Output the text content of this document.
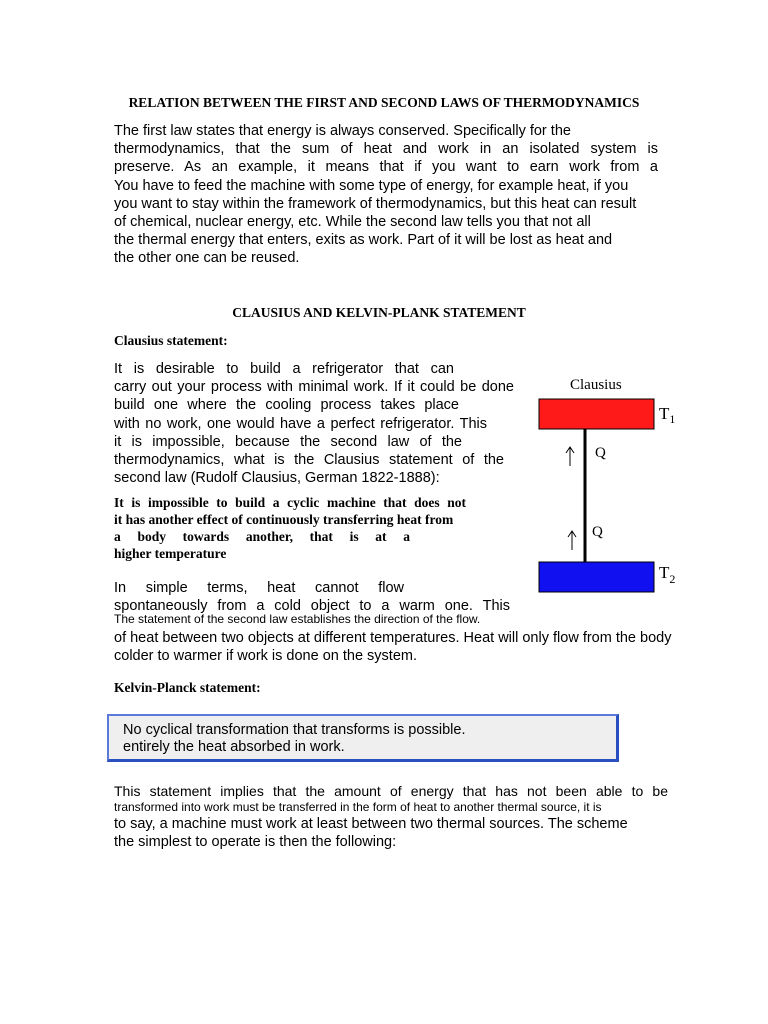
RELATION BETWEEN THE FIRST AND SECOND LAWS OF THERMODYNAMICS
The first law states that energy is always conserved. Specifically for the
thermodynamics, that the sum of heat and work in an isolated system is
preserve. As an example, it means that if you want to earn work from a
You have to feed the machine with some type of energy, for example heat, if you
you want to stay within the framework of thermodynamics, but this heat can result
of chemical, nuclear energy, etc. While the second law tells you that not all
the thermal energy that enters, exits as work. Part of it will be lost as heat and
the other one can be reused.
CLAUSIUS AND KELVIN-PLANK STATEMENT
Clausius statement:
It is desirable to build a refrigerator that can
carry out your process with minimal work. If it could be done
build one where the cooling process takes place
with no work, one would have a perfect refrigerator. This
it is impossible, because the second law of the
thermodynamics, what is the Clausius statement of the
second law (Rudolf Clausius, German 1822-1888):
It is impossible to build a cyclic machine that does not
it has another effect of continuously transferring heat from
a body towards another, that is at a
higher temperature
In simple terms, heat cannot flow
spontaneously from a cold object to a warm one. This
The statement of the second law establishes the direction of the flow.
of heat between two objects at different temperatures. Heat will only flow from the body
colder to warmer if work is done on the system.
Kelvin-Planck statement:
No cyclical transformation that transforms is possible.
entirely the heat absorbed in work.
This statement implies that the amount of energy that has not been able to be
transformed into work must be transferred in the form of heat to another thermal source, it is
to say, a machine must work at least between two thermal sources. The scheme
the simplest to operate is then the following:
Clausius
$T_1$
$T_2$
Q
Q
